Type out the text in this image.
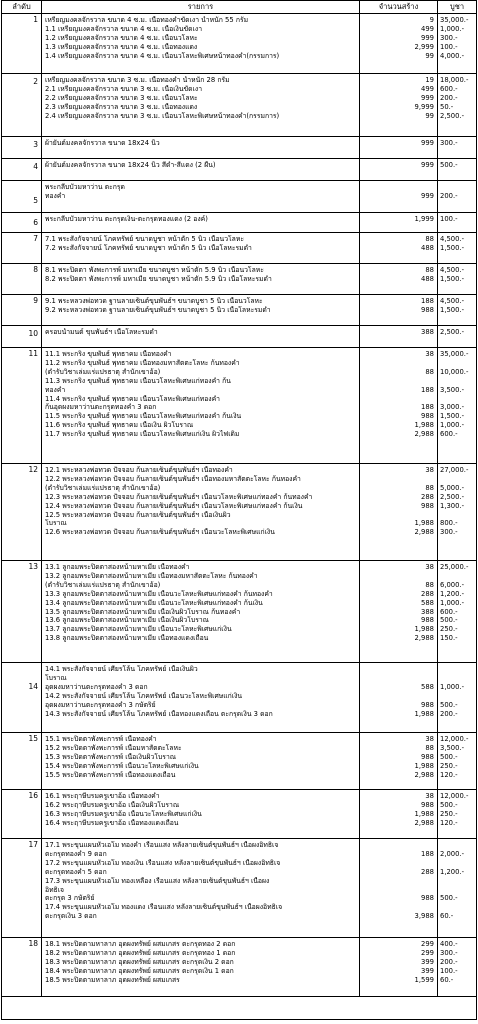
ลำดับ	รายการ	จำนวนสร้าง	บูชา
1	เหรียญมงคลจักรวาล ขนาด 4 ซ.ม. เนื้อทองคำขัดเงา น้ำหนัก 55 กรัม	9 35,000.-
1.1 เหรียญมงคลจักรวาล ขนาด 4 ซ.ม. เนื้อเงินขัดเงา	499 1,000.-
1.2 เหรียญมงคลจักรวาล ขนาด 4 ซ.ม. เนื้อนวโลหะ	999 300.-
1.3 เหรียญมงคลจักรวาล ขนาด 4 ซ.ม. เนื้อทองแดง	2,999 100.-
1.4 เหรียญมงคลจักรวาล ขนาด 4 ซ.ม. เนื้อนวโลหะพิเศษหน้าทองคำ(กรรมการ)	99 4,000.-
2	เหรียญมงคลจักรวาล ขนาด 3 ซ.ม. เนื้อทองคำ น้ำหนัก 28 กรัม	19 18,000.-
2.1 เหรียญมงคลจักรวาล ขนาด 3 ซ.ม. เนื้อเงินขัดเงา	499 600.-
2.2 เหรียญมงคลจักรวาล ขนาด 3 ซ.ม. เนื้อนวโลหะ	999 200.-
2.3 เหรียญมงคลจักรวาล ขนาด 3 ซ.ม. เนื้อทองแดง	9,999 50.-
2.4 เหรียญมงคลจักรวาล ขนาด 3 ซ.ม. เนื้อนวโลหะพิเศษหน้าทองคำ(กรรมการ)	99 2,500.-
3	ผ้ายันต์มงคลจักรวาล ขนาด 18x24 นิ้ว	999 300.-
4	ผ้ายันต์มงคลจักรวาล ขนาด 18x24 นิ้ว สีดำ-สีแดง (2 ผืน)	999 500.-
5
พระกลีบบัวมหาว่าน ตะกรุด
ทองคำ	999 200.-
6	พระกลีบบัวมหาว่าน ตะกรุดเงิน-ตะกรุดทองแดง (2 องค์)	1,999 100.-
7	7.1 พระสังกัจจายน์ โภคทรัพย์ ขนาดบูชา หน้าตัก 5 นิ้ว เนื้อนวโลหะ	88 4,500.-
7.2 พระสังกัจจายน์ โภคทรัพย์ ขนาดบูชา หน้าตัก 5 นิ้ว เนื้อโลหะรมดำ	488 1,500.-
8	8.1 พระปิดตา พังพะการพ์ มหาเมีย ขนาดบูชา หน้าตัก 5.9 นิ้ว เนื้อนวโลหะ	88 4,500.-
8.2 พระปิดตา พังพะการพ์ มหาเมีย ขนาดบูชา หน้าตัก 5.9 นิ้ว เนื้อโลหะรมดำ	488 1,500.-
9	9.1 พระหลวงพ่อทวด ฐานลายเซ็นต์ขุนพันธ์ฯ ขนาดบูชา 5 นิ้ว เนื้อนวโลหะ	188 4,500.-
9.2 พระหลวงพ่อทวด ฐานลายเซ็นต์ขุนพันธ์ฯ ขนาดบูชา 5 นิ้ว เนื้อโลหะรมดำ	988 1,500.-
10	ครอบน้ำมนต์ ขุนพันธ์ฯ เนื้อโลหะรมดำ	388 2,500.-
11	11.1 พระกริ่ง ขุนพันธ์ พุทธาคม เนื้อทองคำ	38 35,000.-
11.2 พระกริ่ง ขุนพันธ์ พุทธาคม เนื้อทองมหาสัตตะโลหะ ก้นทองคำ
(ตำรับวิชาเล่มแร่แปรธาตุ สำนักเขาอ้อ)	88 10,000.-
11.3 พระกริ่ง ขุนพันธ์ พุทธาคม เนื้อนวโลหะพิเศษแก่ทองคำ ก้น
ทองคำ	188 3,500.-
11.4 พระกริ่ง ขุนพันธ์ พุทธาคม เนื้อนวโลหะพิเศษแก่ทองคำ
ก้นอุดผงมหาว่านตะกรุดทองคำ 3 ดอก	188 3,000.-
11.5 พระกริ่ง ขุนพันธ์ พุทธาคม เนื้อนวโลหะพิเศษแก่ทองคำ ก้นเงิน	988 1,500.-
11.6 พระกริ่ง ขุนพันธ์ พุทธาคม เนื้อเงิน ผิวโบราณ	1,988 1,000.-
11.7 พระกริ่ง ขุนพันธ์ พุทธาคม เนื้อนวโลหะพิเศษแก่เงิน ผิวไฟเดิม	2,988 600.-
12	12.1 พระหลวงพ่อทวด ปัจจอบ ก้นลายเซ็นต์ขุนพันธ์ฯ เนื้อทองคำ	38 27,000.-
12.2 พระหลวงพ่อทวด ปัจจอบ ก้นลายเซ็นต์ขุนพันธ์ฯ เนื้อทองมหาสัตตะโลหะ ก้นทองคำ
(ตำรับวิชาเล่มแร่แปรธาตุ สำนักเขาอ้อ)	88 5,000.-
12.3 พระหลวงพ่อทวด ปัจจอบ ก้นลายเซ็นต์ขุนพันธ์ฯ เนื้อนวโลหะพิเศษแก่ทองคำ ก้นทองคำ	288 2,500.-
12.4 พระหลวงพ่อทวด ปัจจอบ ก้นลายเซ็นต์ขุนพันธ์ฯ เนื้อนวโลหะพิเศษแก่ทองคำ ก้นเงิน	988 1,300.-
12.5 พระหลวงพ่อทวด ปัจจอบ ก้นลายเซ็นต์ขุนพันธ์ฯ เนื้อเงินผิว
โบราณ	1,988 800.-
12.6 พระหลวงพ่อทวด ปัจจอบ ก้นลายเซ็นต์ขุนพันธ์ฯ เนื้อนวะโลหะพิเศษแก่เงิน	2,988 300.-
13	13.1 ลูกอมพระปิดตาสองหน้ามหาเมีย เนื้อทองคำ	38 25,000.-
13.2 ลูกอมพระปิดตาสองหน้ามหาเมีย เนื้อทองมหาสัตตะโลหะ ก้นทองคำ
(ตำรับวิชาเล่มแร่แปรธาตุ สำนักเขาอ้อ)	88 6,000.-
13.3 ลูกอมพระปิดตาสองหน้ามหาเมีย เนื้อนวะโลหะพิเศษแก่ทองคำ ก้นทองคำ	288 1,200.-
13.4 ลูกอมพระปิดตาสองหน้ามหาเมีย เนื้อนวะโลหะพิเศษแก่ทองคำ ก้นเงิน	588 1,000.-
13.5 ลูกอมพระปิดตาสองหน้ามหาเมีย เนื้อเงินผิวโบราณ ก้นทองคำ	388 600.-
13.6 ลูกอมพระปิดตาสองหน้ามหาเมีย เนื้อเงินผิวโบราณ	988 500.-
13.7 ลูกอมพระปิดตาสองหน้ามหาเมีย เนื้อนวะโลหะพิเศษแก่เงิน	1,988 250.-
13.8 ลูกอมพระปิดตาสองหน้ามหาเมีย เนื้อทองแดงเถื่อน	2,988 150.-
14
14.1 พระสังกัจจายน์ เศียรโล้น โภคทรัพย์ เนื้อเงินผิว
โบราณ
อุดผงมหาว่านตะกรุดทองคำ 3 ดอก	588 1,000.-
14.2 พระสังกัจจายน์ เศียรโล้น โภคทรัพย์ เนื้อนวะโลหะพิเศษแก่เงิน
อุดผงมหาว่านตะกรุดทองคำ 3 กษัตริย์	988 500.-
14.3 พระสังกัจจายน์ เศียรโล้น โภคทรัพย์ เนื้อทองแดงเถื่อน ตะกรุดเงิน 3 ดอก	1,988 200.-
15	15.1 พระปิดตาพังพะการพ์ เนื้อทองคำ	38 12,000.-
15.2 พระปิดตาพังพะการพ์ เนื้อมหาสัตตะโลหะ	88 3,500.-
15.3 พระปิดตาพังพะการพ์ เนื้อเงินผิวโบราณ	988 500.-
15.4 พระปิดตาพังพะการพ์ เนื้อนวะโลหะพิเศษแก่เงิน	1,988 250.-
15.5 พระปิดตาพังพะการพ์ เนื้อทองแดงเถื่อน	2,988 120.-
16	16.1 พระฤาษีบรมครูเขาอ้อ เนื้อทองคำ	38 12,000.-
16.2 พระฤาษีบรมครูเขาอ้อ เนื้อเงินผิวโบราณ	988 500.-
16.3 พระฤาษีบรมครูเขาอ้อ เนื้อนวะโลหะพิเศษแก่เงิน	1,988 250.-
16.4 พระฤาษีบรมครูเขาอ้อ เนื้อทองแดงเถื่อน	2,988 120.-
17	17.1 พระขุนแผนหัวเอโม ทองคำ เรือนแสง หลังลายเซ็นต์ขุนพันธ์ฯ เนื้อผงอิทธิเจ
ตะกรุดทองคำ 9 ดอก	188 2,000.-
17.2 พระขุนแผนหัวเอโม ทองเงิน เรือนแสง หลังลายเซ็นต์ขุนพันธ์ฯ เนื้อผงอิทธิเจ
ตะกรุดทองคำ 5 ดอก	288 1,200.-
17.3 พระขุนแผนหัวเอโม ทองเหลือง เรือนแสง หลังลายเซ็นต์ขุนพันธ์ฯ เนื้อผง
อิทธิเจ
ตะกรุด 3 กษัตริย์	988 500.-
17.4 พระขุนแผนหัวเอโม ทองแดง เรือนแสง หลังลายเซ็นต์ขุนพันธ์ฯ เนื้อผงอิทธิเจ
ตะกรุดเงิน 3 ดอก	3,988 60.-
18	18.1 พระปิดตามหาลาภ อุดผงทรัพย์ ผสมเกสร ตะกรุดทอง 2 ดอก	299 400.-
18.2 พระปิดตามหาลาภ อุดผงทรัพย์ ผสมเกสร ตะกรุดทอง 1 ดอก	299 300.-
18.3 พระปิดตามหาลาภ อุดผงทรัพย์ ผสมเกสร ตะกรุดเงิน 2 ดอก	399 200.-
18.4 พระปิดตามหาลาภ อุดผงทรัพย์ ผสมเกสร ตะกรุดเงิน 1 ดอก	399 100.-
18.5 พระปิดตามหาลาภ อุดผงทรัพย์ ผสมเกสร	1,599 60.-
